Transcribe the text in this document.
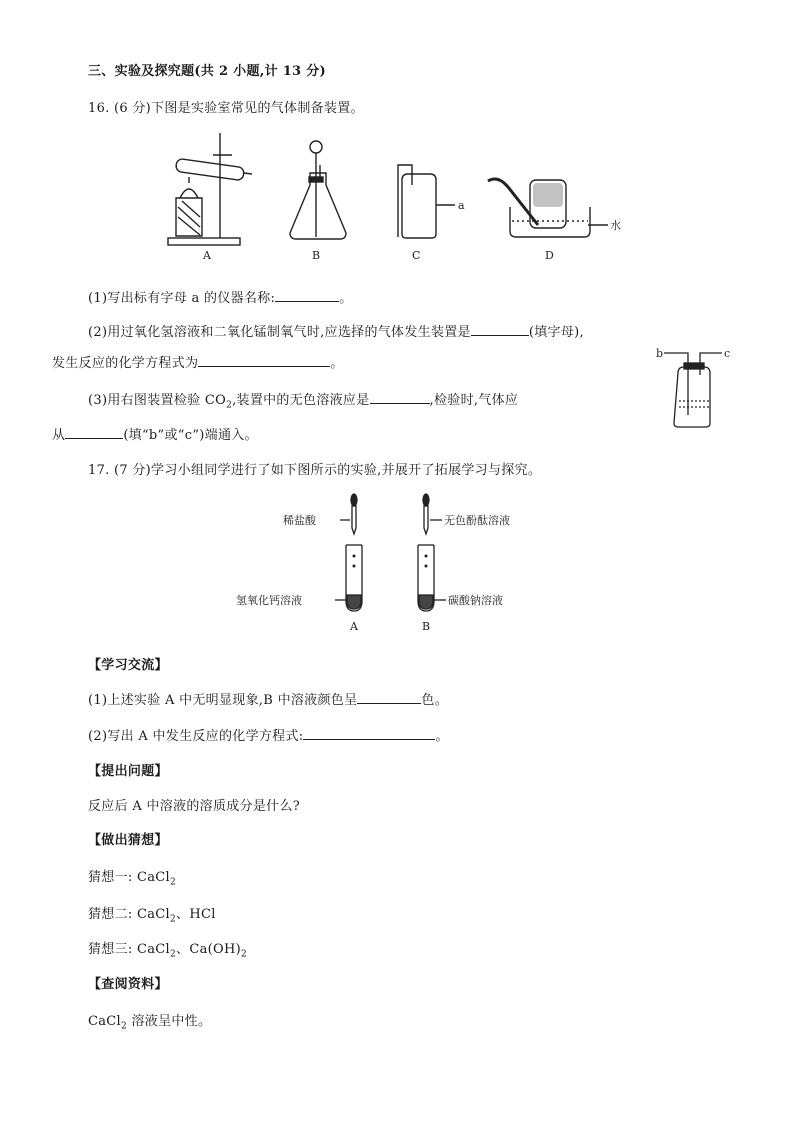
三、实验及探究题(共 2 小题,计 13 分)
16. (6 分)下图是实验室常见的气体制备装置。
A	B	C	D
a
水
(1)写出标有字母 a 的仪器名称:	。
(2)用过氧化氢溶液和二氧化锰制氧气时,应选择的气体发生装置是	(填字母),
发生反应的化学方程式为	。
b	c
(3)用右图装置检验 $CO_2$,装置中的无色溶液应是	,检验时,气体应
从	(填“b”或“c”)端通入。
17. (7 分)学习小组同学进行了如下图所示的实验,并展开了拓展学习与探究。
稀盐酸	无色酚酞溶液
氢氧化钙溶液	碳酸钠溶液
A	B
【学习交流】
(1)上述实验 A 中无明显现象,B 中溶液颜色呈	色。
(2)写出 A 中发生反应的化学方程式:	。
【提出问题】
反应后 A 中溶液的溶质成分是什么?
【做出猜想】
猜想一: CaCl$_2$
猜想二: CaCl$_2$、HCl
猜想三: CaCl$_2$、$Ca(OH)_2$
【查阅资料】
CaCl$_2$ 溶液呈中性。
